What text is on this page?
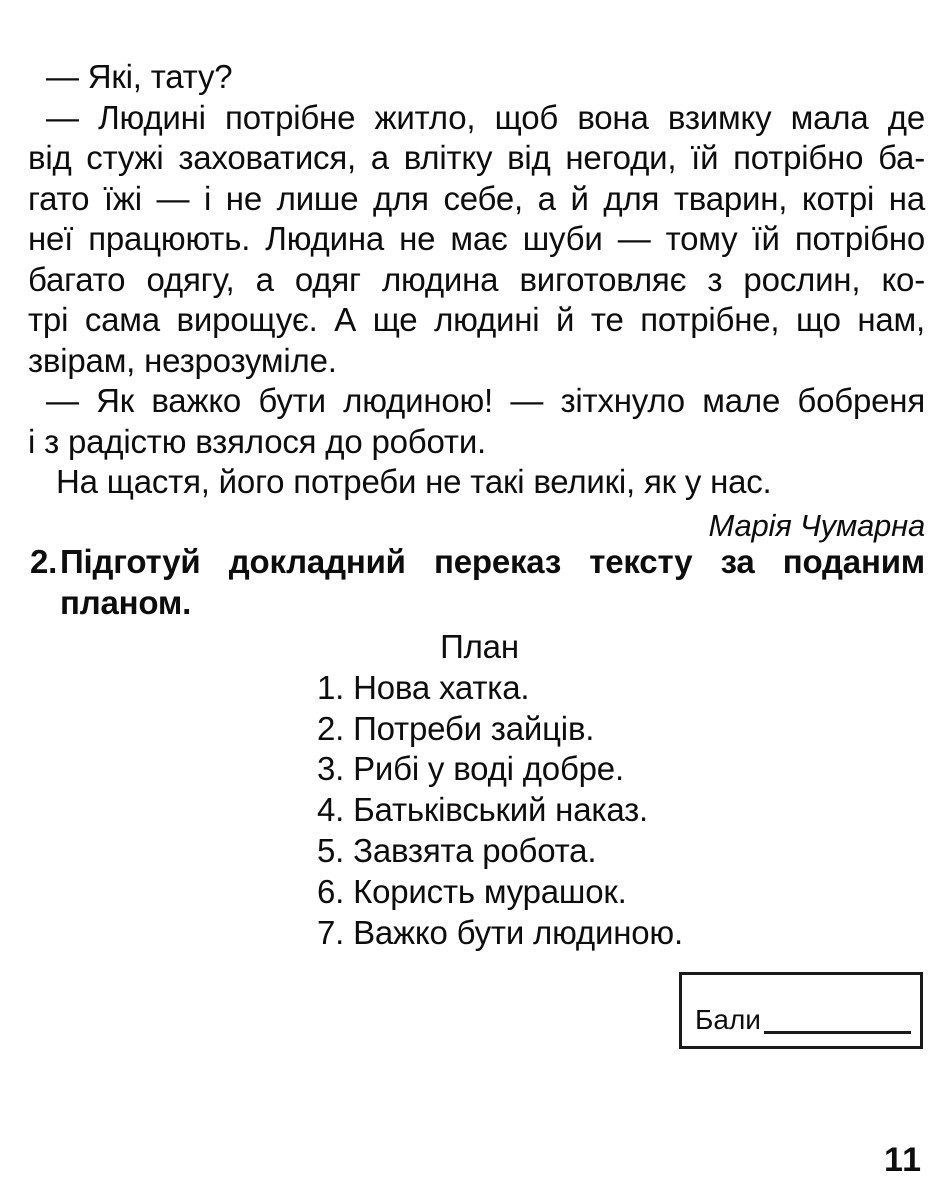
— Які, тату?
— Людині потрібне житло, щоб вона взимку мала де
від стужі заховатися, а влітку від негоди, їй потрібно ба-
гато їжі — і не лише для себе, а й для тварин, котрі на
неї працюють. Людина не має шуби — тому їй потрібно
багато одягу, а одяг людина виготовляє з рослин, ко-
трі сама вирощує. А ще людині й те потрібне, що нам,
звірам, незрозуміле.
— Як важко бути людиною! — зітхнуло мале бобреня
і з радістю взялося до роботи.
На щастя, його потреби не такі великі, як у нас.
Марія Чумарна
2. Підготуй докладний переказ тексту за поданим
планом.
План
1. Нова хатка.
2. Потреби зайців.
3. Рибі у воді добре.
4. Батьківський наказ.
5. Завзята робота.
6. Користь мурашок.
7. Важко бути людиною.
Бали
11
